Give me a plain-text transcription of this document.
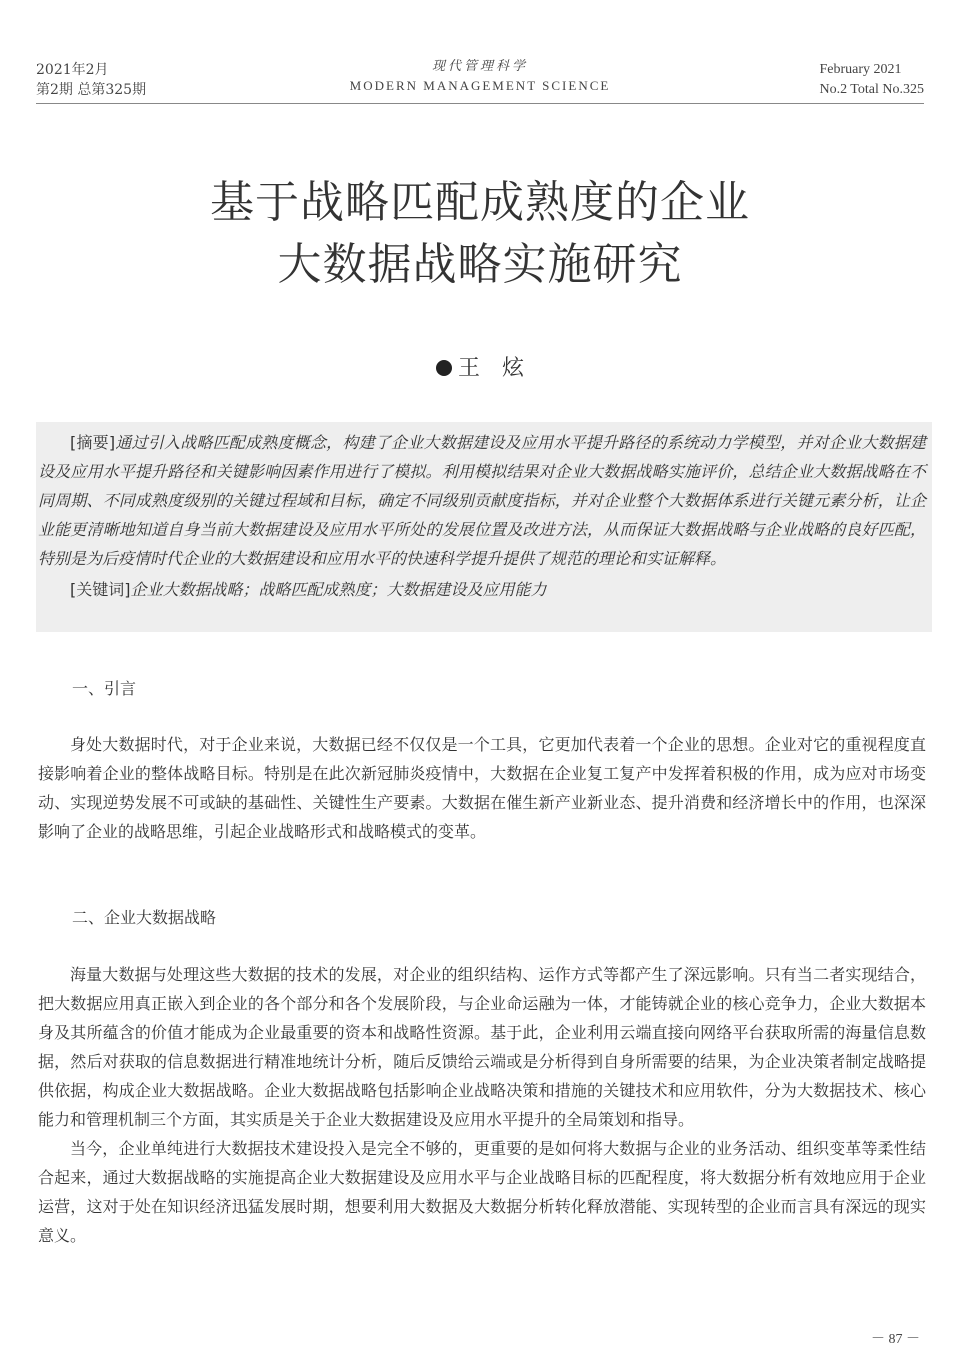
2021年2月
第2期 总第325期
现代管理科学
MODERN MANAGEMENT SCIENCE
February 2021
No.2 Total No.325
基于战略匹配成熟度的企业
大数据战略实施研究
王　炫

[摘要]通过引入战略匹配成熟度概念，构建了企业大数据建设及应用水平提升路径的系统动力学模型，并对企业大数据建设及应用水平提升路径和关键影响因素作用进行了模拟。利用模拟结果对企业大数据战略实施评价，总结企业大数据战略在不同周期、不同成熟度级别的关键过程域和目标，确定不同级别贡献度指标，并对企业整个大数据体系进行关键元素分析，让企业能更清晰地知道自身当前大数据建设及应用水平所处的发展位置及改进方法，从而保证大数据战略与企业战略的良好匹配，特别是为后疫情时代企业的大数据建设和应用水平的快速科学提升提供了规范的理论和实证解释。

[关键词]企业大数据战略；战略匹配成熟度；大数据建设及应用能力

一、引言

身处大数据时代，对于企业来说，大数据已经不仅仅是一个工具，它更加代表着一个企业的思想。企业对它的重视程度直接影响着企业的整体战略目标。特别是在此次新冠肺炎疫情中，大数据在企业复工复产中发挥着积极的作用，成为应对市场变动、实现逆势发展不可或缺的基础性、关键性生产要素。大数据在催生新产业新业态、提升消费和经济增长中的作用，也深深影响了企业的战略思维，引起企业战略形式和战略模式的变革。

二、企业大数据战略

海量大数据与处理这些大数据的技术的发展，对企业的组织结构、运作方式等都产生了深远影响。只有当二者实现结合，把大数据应用真正嵌入到企业的各个部分和各个发展阶段，与企业命运融为一体，才能铸就企业的核心竞争力，企业大数据本身及其所蕴含的价值才能成为企业最重要的资本和战略性资源。基于此，企业利用云端直接向网络平台获取所需的海量信息数据，然后对获取的信息数据进行精准地统计分析，随后反馈给云端或是分析得到自身所需要的结果，为企业决策者制定战略提供依据，构成企业大数据战略。企业大数据战略包括影响企业战略决策和措施的关键技术和应用软件，分为大数据技术、核心能力和管理机制三个方面，其实质是关于企业大数据建设及应用水平提升的全局策划和指导。

当今，企业单纯进行大数据技术建设投入是完全不够的，更重要的是如何将大数据与企业的业务活动、组织变革等柔性结合起来，通过大数据战略的实施提高企业大数据建设及应用水平与企业战略目标的匹配程度，将大数据分析有效地应用于企业运营，这对于处在知识经济迅猛发展时期，想要利用大数据及大数据分析转化释放潜能、实现转型的企业而言具有深远的现实意义。

－ 87 －
